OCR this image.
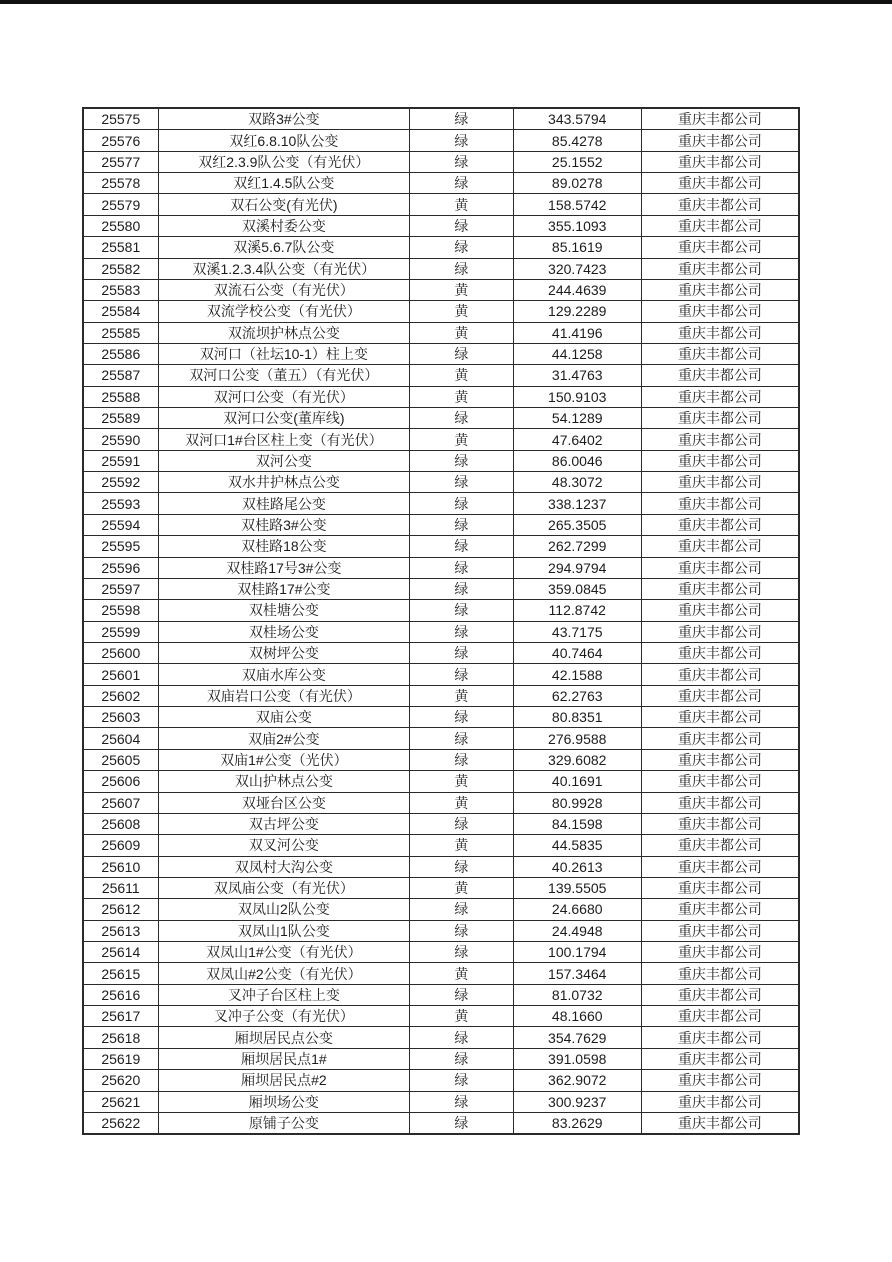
25575	双路3#公变	绿	343.5794	重庆丰都公司
25576	双红6.8.10队公变	绿	85.4278	重庆丰都公司
25577	双红2.3.9队公变（有光伏）	绿	25.1552	重庆丰都公司
25578	双红1.4.5队公变	绿	89.0278	重庆丰都公司
25579	双石公变(有光伏)	黄	158.5742	重庆丰都公司
25580	双溪村委公变	绿	355.1093	重庆丰都公司
25581	双溪5.6.7队公变	绿	85.1619	重庆丰都公司
25582	双溪1.2.3.4队公变（有光伏）	绿	320.7423	重庆丰都公司
25583	双流石公变（有光伏）	黄	244.4639	重庆丰都公司
25584	双流学校公变（有光伏）	黄	129.2289	重庆丰都公司
25585	双流坝护林点公变	黄	41.4196	重庆丰都公司
25586	双河口（社坛10-1）柱上变	绿	44.1258	重庆丰都公司
25587	双河口公变（董五）（有光伏）	黄	31.4763	重庆丰都公司
25588	双河口公变（有光伏）	黄	150.9103	重庆丰都公司
25589	双河口公变(董库线)	绿	54.1289	重庆丰都公司
25590	双河口1#台区柱上变（有光伏）	黄	47.6402	重庆丰都公司
25591	双河公变	绿	86.0046	重庆丰都公司
25592	双水井护林点公变	绿	48.3072	重庆丰都公司
25593	双桂路尾公变	绿	338.1237	重庆丰都公司
25594	双桂路3#公变	绿	265.3505	重庆丰都公司
25595	双桂路18公变	绿	262.7299	重庆丰都公司
25596	双桂路17号3#公变	绿	294.9794	重庆丰都公司
25597	双桂路17#公变	绿	359.0845	重庆丰都公司
25598	双桂塘公变	绿	112.8742	重庆丰都公司
25599	双桂场公变	绿	43.7175	重庆丰都公司
25600	双树坪公变	绿	40.7464	重庆丰都公司
25601	双庙水库公变	绿	42.1588	重庆丰都公司
25602	双庙岩口公变（有光伏）	黄	62.2763	重庆丰都公司
25603	双庙公变	绿	80.8351	重庆丰都公司
25604	双庙2#公变	绿	276.9588	重庆丰都公司
25605	双庙1#公变（光伏）	绿	329.6082	重庆丰都公司
25606	双山护林点公变	黄	40.1691	重庆丰都公司
25607	双垭台区公变	黄	80.9928	重庆丰都公司
25608	双古坪公变	绿	84.1598	重庆丰都公司
25609	双叉河公变	黄	44.5835	重庆丰都公司
25610	双凤村大沟公变	绿	40.2613	重庆丰都公司
25611	双凤庙公变（有光伏）	黄	139.5505	重庆丰都公司
25612	双凤山2队公变	绿	24.6680	重庆丰都公司
25613	双凤山1队公变	绿	24.4948	重庆丰都公司
25614	双凤山1#公变（有光伏）	绿	100.1794	重庆丰都公司
25615	双凤山#2公变（有光伏）	黄	157.3464	重庆丰都公司
25616	叉冲子台区柱上变	绿	81.0732	重庆丰都公司
25617	叉冲子公变（有光伏）	黄	48.1660	重庆丰都公司
25618	厢坝居民点公变	绿	354.7629	重庆丰都公司
25619	厢坝居民点1#	绿	391.0598	重庆丰都公司
25620	厢坝居民点#2	绿	362.9072	重庆丰都公司
25621	厢坝场公变	绿	300.9237	重庆丰都公司
25622	原铺子公变	绿	83.2629	重庆丰都公司
